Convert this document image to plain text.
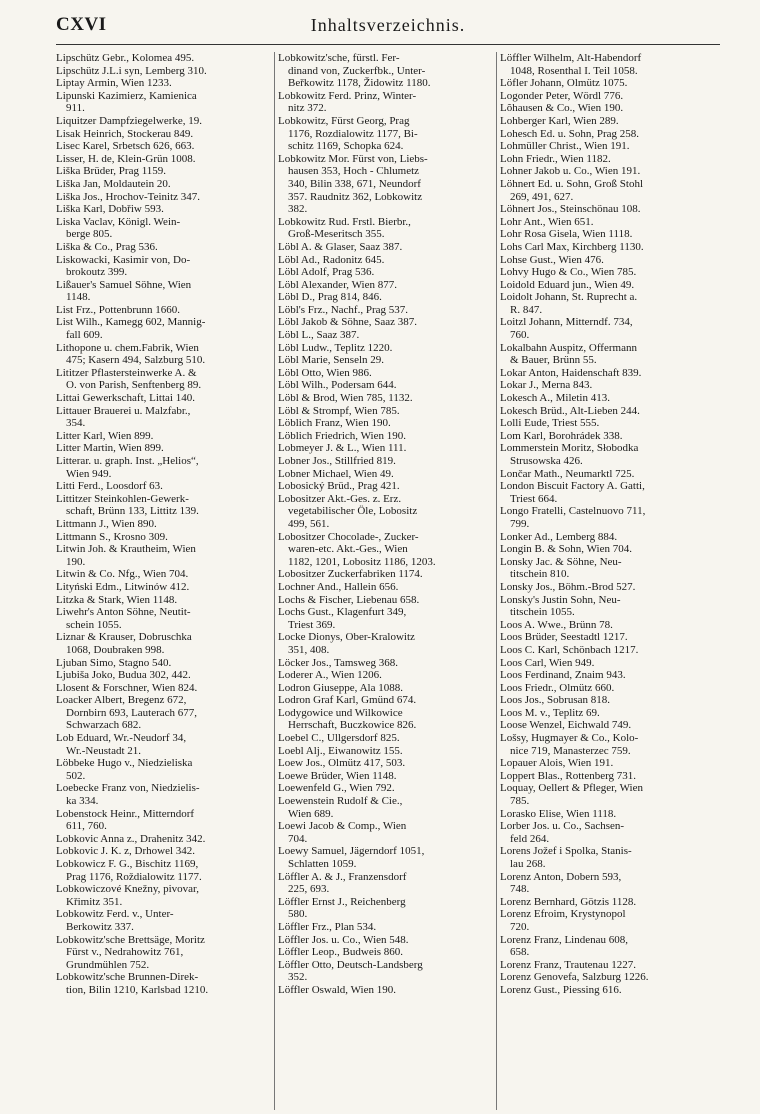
CXVI	Inhaltsverzeichnis.
Lipschütz Gebr., Kolomea 495.
Lipschütz J.L.i syn, Lemberg 310.
Liptay Armin, Wien 1233.
Lipunski Kazimierz, Kamienica
911.
Liquitzer Dampfziegelwerke, 19.
Lisak Heinrich, Stockerau 849.
Lisec Karel, Srbetsch 626, 663.
Lisser, H. de, Klein-Grün 1008.
Liška Brüder, Prag 1159.
Liška Jan, Moldautein 20.
Liška Jos., Hrochov-Teinitz 347.
Liška Karl, Dobřiw 593.
Liska Vaclav, Königl. Wein-
berge 805.
Liška & Co., Prag 536.
Liskowacki, Kasimir von, Do-
brokoutz 399.
Lißauer's Samuel Söhne, Wien
1148.
List Frz., Pottenbrunn 1660.
List Wilh., Kamegg 602, Mannig-
fall 609.
Lithopone u. chem.Fabrik, Wien
475; Kasern 494, Salzburg 510.
Lititzer Pflastersteinwerke A. &
O. von Parish, Senftenberg 89.
Littai Gewerkschaft, Littai 140.
Littauer Brauerei u. Malzfabr.,
354.
Litter Karl, Wien 899.
Litter Martin, Wien 899.
Litterar. u. graph. Inst. „Helios“,
Wien 949.
Litti Ferd., Loosdorf 63.
Littitzer Steinkohlen-Gewerk-
schaft, Brünn 133, Littitz 139.
Littmann J., Wien 890.
Littmann S., Krosno 309.
Litwin Joh. & Krautheim, Wien
190.
Litwin & Co. Nfg., Wien 704.
Lityński Edm., Litwinów 412.
Litzka & Stark, Wien 1148.
Liwehr's Anton Söhne, Neutit-
schein 1055.
Liznar & Krauser, Dobruschka
1068, Doubraken 998.
Ljuban Simo, Stagno 540.
Ljubiša Joko, Budua 302, 442.
Llosent & Forschner, Wien 824.
Loacker Albert, Bregenz 672,
Dornbirn 693, Lauterach 677,
Schwarzach 682.
Lob Eduard, Wr.-Neudorf 34,
Wr.-Neustadt 21.
Löbbeke Hugo v., Niedzieliska
502.
Loebecke Franz von, Niedzielis-
ka 334.
Lobenstock Heinr., Mitterndorf
611, 760.
Lobkovic Anna z., Drahenitz 342.
Lobkovic J. K. z, Drhowel 342.
Lobkowicz F. G., Bischitz 1169,
Prag 1176, Roždialowitz 1177.
Lobkowiczové Knežny, pivovar,
Křimitz 351.
Lobkowitz Ferd. v., Unter-
Berkowitz 337.
Lobkowitz'sche Brettsäge, Moritz
Fürst v., Nedrahowitz 761,
Grundmühlen 752.
Lobkowitz'sche Brunnen-Direk-
tion, Bilin 1210, Karlsbad 1210.
Lobkowitz'sche, fürstl. Fer-
dinand von, Zuckerfbk., Unter-
Beřkowitz 1178, Židowitz 1180.
Lobkowitz Ferd. Prinz, Winter-
nitz 372.
Lobkowitz, Fürst Georg, Prag
1176, Rozdialowitz 1177, Bi-
schitz 1169, Schopka 624.
Lobkowitz Mor. Fürst von, Liebs-
hausen 353, Hoch - Chlumetz
340, Bilin 338, 671, Neundorf
357. Raudnitz 362, Lobkowitz
382.
Lobkowitz Rud. Frstl. Bierbr.,
Groß-Meseritsch 355.
Löbl A. & Glaser, Saaz 387.
Löbl Ad., Radonitz 645.
Löbl Adolf, Prag 536.
Löbl Alexander, Wien 877.
Löbl D., Prag 814, 846.
Löbl's Frz., Nachf., Prag 537.
Löbl Jakob & Söhne, Saaz 387.
Löbl L., Saaz 387.
Löbl Ludw., Teplitz 1220.
Löbl Marie, Senseln 29.
Löbl Otto, Wien 986.
Löbl Wilh., Podersam 644.
Löbl & Brod, Wien 785, 1132.
Löbl & Strompf, Wien 785.
Löblich Franz, Wien 190.
Löblich Friedrich, Wien 190.
Lobmeyer J. & L., Wien 111.
Lobner Jos., Stillfried 819.
Lobner Michael, Wien 49.
Lobosický Brüd., Prag 421.
Lobositzer Akt.-Ges. z. Erz.
vegetabilischer Öle, Lobositz
499, 561.
Lobositzer Chocolade-, Zucker-
waren-etc. Akt.-Ges., Wien
1182, 1201, Lobositz 1186, 1203.
Lobositzer Zuckerfabriken 1174.
Lochner And., Hallein 656.
Lochs & Fischer, Liebenau 658.
Lochs Gust., Klagenfurt 349,
Triest 369.
Locke Dionys, Ober-Kralowitz
351, 408.
Löcker Jos., Tamsweg 368.
Loderer A., Wien 1206.
Lodron Giuseppe, Ala 1088.
Lodron Graf Karl, Gmünd 674.
Lodygowice und Wilkowice
Herrschaft, Buczkowice 826.
Loebel C., Ullgersdorf 825.
Loebl Alj., Eiwanowitz 155.
Loew Jos., Olmütz 417, 503.
Loewe Brüder, Wien 1148.
Loewenfeld G., Wien 792.
Loewenstein Rudolf & Cie.,
Wien 689.
Loewi Jacob & Comp., Wien
704.
Loewy Samuel, Jägerndorf 1051,
Schlatten 1059.
Löffler A. & J., Franzensdorf
225, 693.
Löffler Ernst J., Reichenberg
580.
Löffler Frz., Plan 534.
Löffler Jos. u. Co., Wien 548.
Löffler Leop., Budweis 860.
Löffler Otto, Deutsch-Landsberg
352.
Löffler Oswald, Wien 190.
Löffler Wilhelm, Alt-Habendorf
1048, Rosenthal I. Teil 1058.
Löfler Johann, Olmütz 1075.
Logonder Peter, Wördl 776.
Lõhausen & Co., Wien 190.
Lohberger Karl, Wien 289.
Lohesch Ed. u. Sohn, Prag 258.
Lohmüller Christ., Wien 191.
Lohn Friedr., Wien 1182.
Lohner Jakob u. Co., Wien 191.
Löhnert Ed. u. Sohn, Groß Stohl
269, 491, 627.
Löhnert Jos., Steinschönau 108.
Lohr Ant., Wien 651.
Lohr Rosa Gisela, Wien 1118.
Lohs Carl Max, Kirchberg 1130.
Lohse Gust., Wien 476.
Lohvy Hugo & Co., Wien 785.
Loidold Eduard jun., Wien 49.
Loidolt Johann, St. Ruprecht a.
R. 847.
Loitzl Johann, Mitterndf. 734,
760.
Lokalbahn Auspitz, Offermann
& Bauer, Brünn 55.
Lokar Anton, Haidenschaft 839.
Lokar J., Merna 843.
Lokesch A., Miletin 413.
Lokesch Brüd., Alt-Lieben 244.
Lolli Eude, Triest 555.
Lom Karl, Borohrádek 338.
Lommerstein Moritz, Słobodka
Strusowska 426.
Lončar Math., Neumarktl 725.
London Biscuit Factory A. Gatti,
Triest 664.
Longo Fratelli, Castelnuovo 711,
799.
Lonker Ad., Lemberg 884.
Longin B. & Sohn, Wien 704.
Lonsky Jac. & Söhne, Neu-
titschein 810.
Lonsky Jos., Böhm.-Brod 527.
Lonsky's Justin Sohn, Neu-
titschein 1055.
Loos A. Wwe., Brünn 78.
Loos Brüder, Seestadtl 1217.
Loos C. Karl, Schönbach 1217.
Loos Carl, Wien 949.
Loos Ferdinand, Znaim 943.
Loos Friedr., Olmütz 660.
Loos Jos., Sobrusan 818.
Loos M. v., Teplitz 69.
Loose Wenzel, Eichwald 749.
Lošsy, Hugmayer & Co., Kolo-
nice 719, Manasterzec 759.
Lopauer Alois, Wien 191.
Loppert Blas., Rottenberg 731.
Loquay, Oellert & Pfleger, Wien
785.
Lorasko Elise, Wien 1118.
Lorber Jos. u. Co., Sachsen-
feld 264.
Lorens Jožef i Spolka, Stanis-
lau 268.
Lorenz Anton, Dobern 593,
748.
Lorenz Bernhard, Götzis 1128.
Lorenz Efroim, Krystynopol
720.
Lorenz Franz, Lindenau 608,
658.
Lorenz Franz, Trautenau 1227.
Lorenz Genovefa, Salzburg 1226.
Lorenz Gust., Piessing 616.
